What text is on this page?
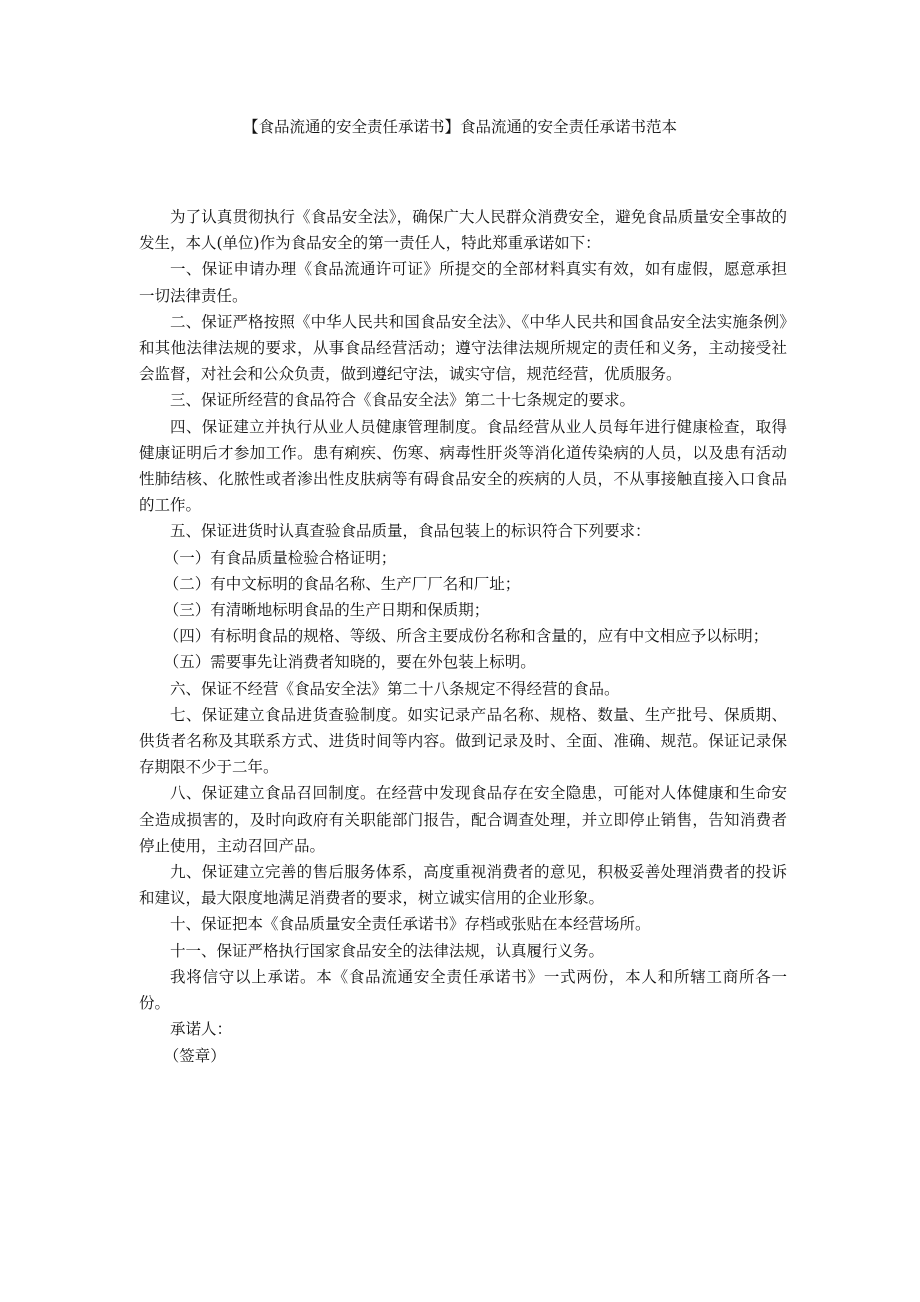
【食品流通的安全责任承诺书】食品流通的安全责任承诺书范本

为了认真贯彻执行《食品安全法》，确保广大人民群众消费安全，避免食品质量安全事故的发生，本人(单位)作为食品安全的第一责任人，特此郑重承诺如下：

一、保证申请办理《食品流通许可证》所提交的全部材料真实有效，如有虚假，愿意承担一切法律责任。

二、保证严格按照《中华人民共和国食品安全法》、《中华人民共和国食品安全法实施条例》和其他法律法规的要求，从事食品经营活动；遵守法律法规所规定的责任和义务，主动接受社会监督，对社会和公众负责，做到遵纪守法，诚实守信，规范经营，优质服务。

三、保证所经营的食品符合《食品安全法》第二十七条规定的要求。

四、保证建立并执行从业人员健康管理制度。食品经营从业人员每年进行健康检查，取得健康证明后才参加工作。患有痢疾、伤寒、病毒性肝炎等消化道传染病的人员，以及患有活动性肺结核、化脓性或者渗出性皮肤病等有碍食品安全的疾病的人员，不从事接触直接入口食品的工作。

五、保证进货时认真查验食品质量，食品包装上的标识符合下列要求：

（一）有食品质量检验合格证明；

（二）有中文标明的食品名称、生产厂厂名和厂址；

（三）有清晰地标明食品的生产日期和保质期；

（四）有标明食品的规格、等级、所含主要成份名称和含量的，应有中文相应予以标明；

（五）需要事先让消费者知晓的，要在外包装上标明。

六、保证不经营《食品安全法》第二十八条规定不得经营的食品。

七、保证建立食品进货查验制度。如实记录产品名称、规格、数量、生产批号、保质期、供货者名称及其联系方式、进货时间等内容。做到记录及时、全面、准确、规范。保证记录保存期限不少于二年。

八、保证建立食品召回制度。在经营中发现食品存在安全隐患，可能对人体健康和生命安全造成损害的，及时向政府有关职能部门报告，配合调查处理，并立即停止销售，告知消费者停止使用，主动召回产品。

九、保证建立完善的售后服务体系，高度重视消费者的意见，积极妥善处理消费者的投诉和建议，最大限度地满足消费者的要求，树立诚实信用的企业形象。

十、保证把本《食品质量安全责任承诺书》存档或张贴在本经营场所。

十一、保证严格执行国家食品安全的法律法规，认真履行义务。

我将信守以上承诺。本《食品流通安全责任承诺书》一式两份，本人和所辖工商所各一份。

承诺人：

（签章）
